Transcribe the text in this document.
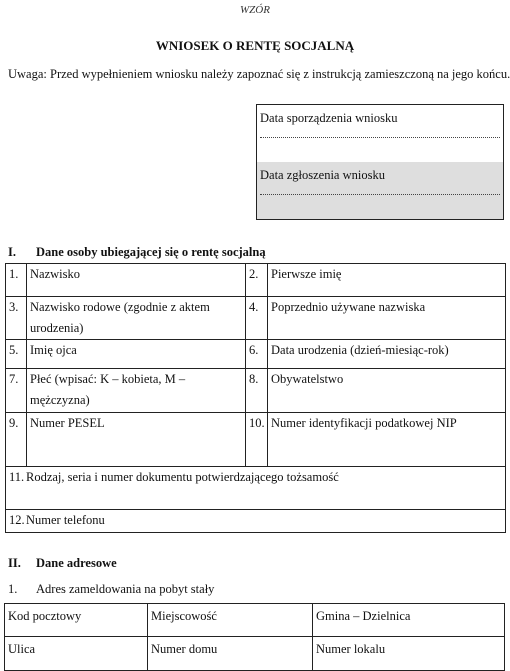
WZÓR
WNIOSEK O RENTĘ SOCJALNĄ
Uwaga: Przed wypełnieniem wniosku należy zapoznać się z instrukcją zamieszczoną na jego końcu.
Data sporządzenia wniosku
Data zgłoszenia wniosku
I. Dane osoby ubiegającej się o rentę socjalną
1.	Nazwisko	2.	Pierwsze imię
3.	Nazwisko rodowe (zgodnie z aktem urodzenia)	4.	Poprzednio używane nazwiska
5.	Imię ojca	6.	Data urodzenia (dzień-miesiąc-rok)
7.	Płeć (wpisać: K – kobieta, M – mężczyzna)	8.	Obywatelstwo
9.	Numer PESEL	10.	Numer identyfikacji podatkowej NIP
11. Rodzaj, seria i numer dokumentu potwierdzającego tożsamość			
12.Numer telefonu			
II. Dane adresowe
1. Adres zameldowania na pobyt stały
Kod pocztowy	Miejscowość	Gmina – Dzielnica
Ulica	Numer domu	Numer lokalu
